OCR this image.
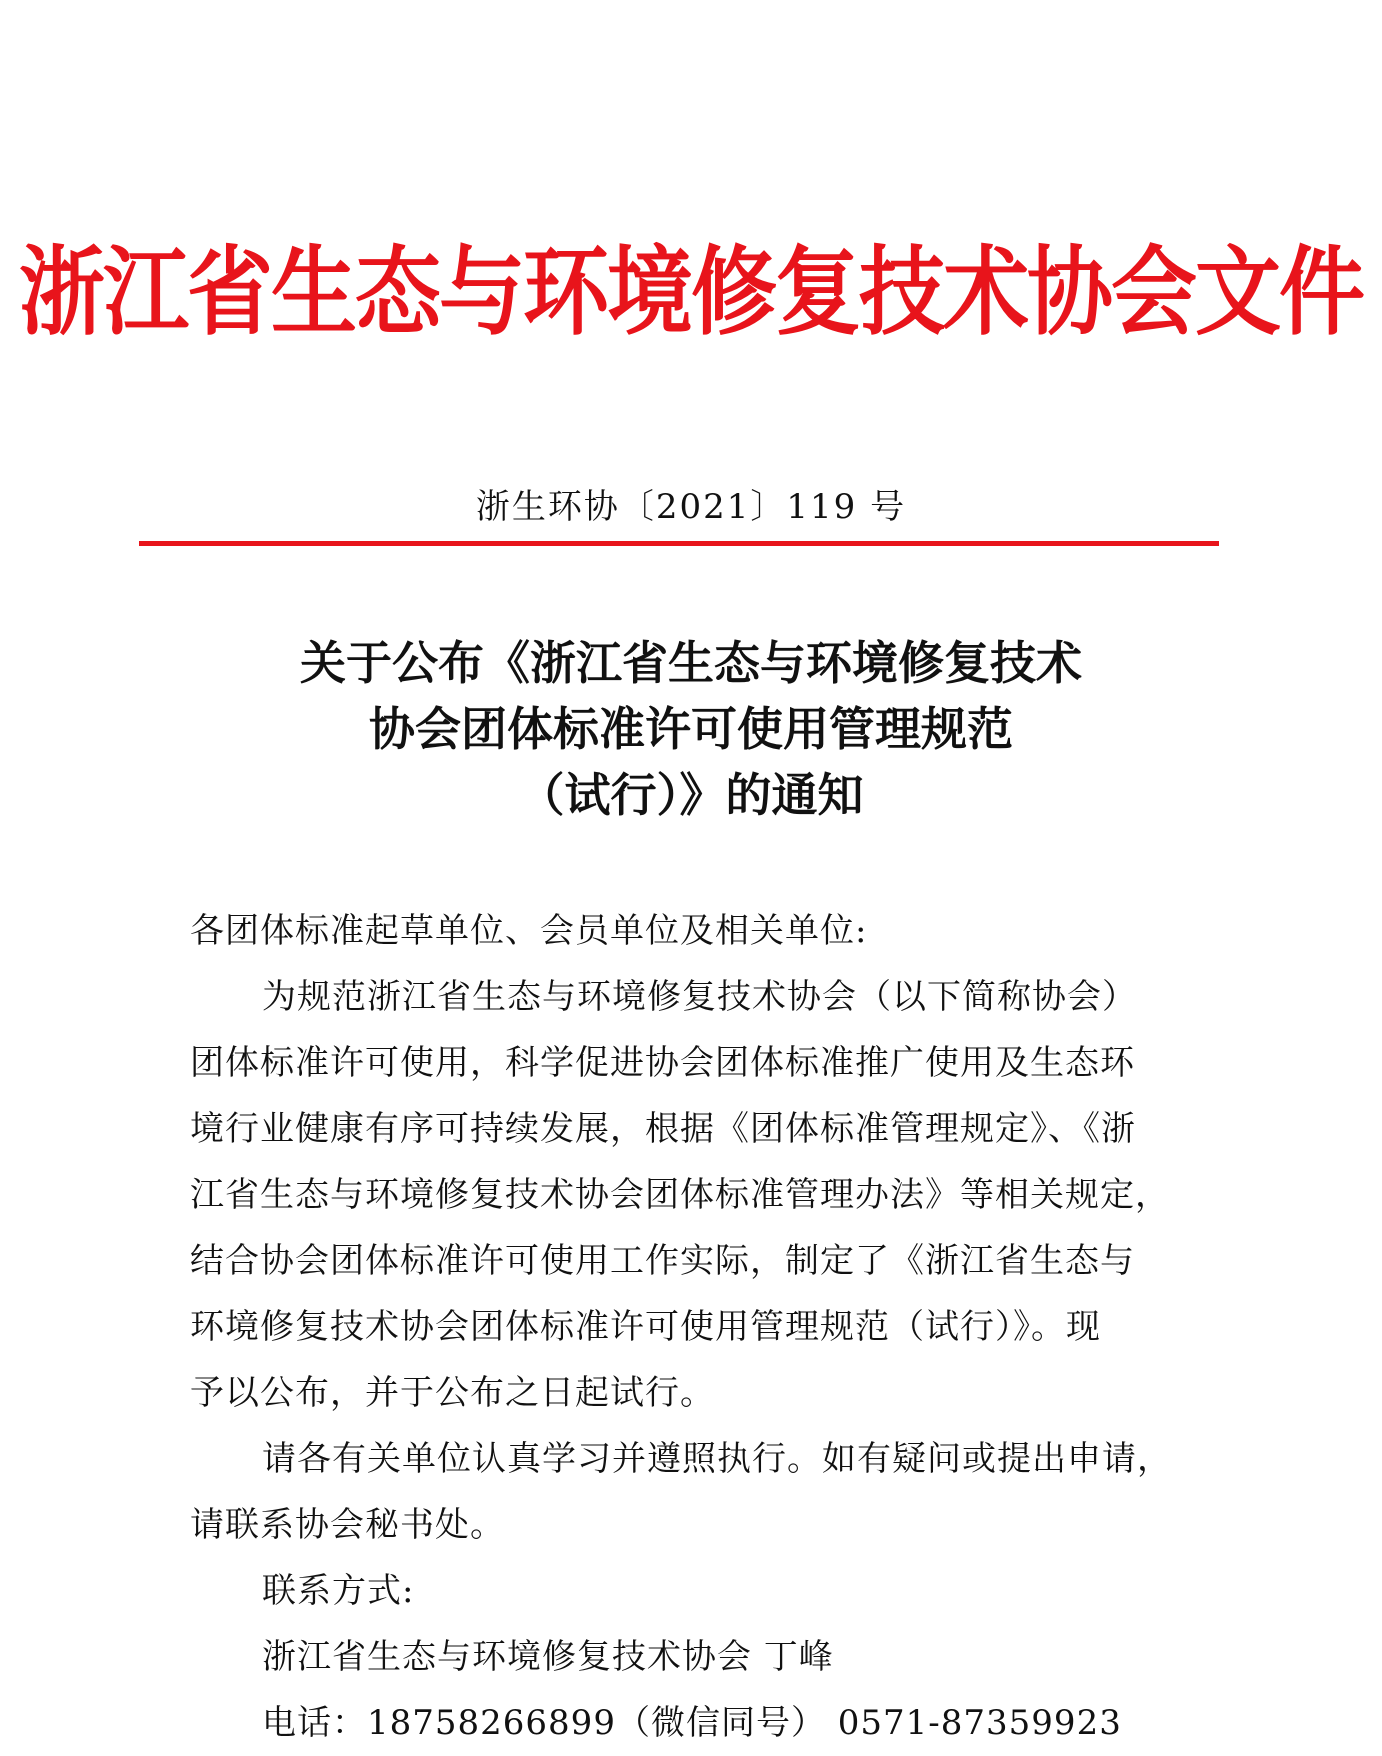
浙江省生态与环境修复技术协会文件
浙生环协〔2021〕119 号
关于公布《浙江省生态与环境修复技术
协会团体标准许可使用管理规范
（试行）》的通知
各团体标准起草单位、会员单位及相关单位:
为规范浙江省生态与环境修复技术协会（以下简称协会）
团体标准许可使用，科学促进协会团体标准推广使用及生态环
境行业健康有序可持续发展，根据《团体标准管理规定》、《浙
江省生态与环境修复技术协会团体标准管理办法》等相关规定，
结合协会团体标准许可使用工作实际，制定了《浙江省生态与
环境修复技术协会团体标准许可使用管理规范（试行）》。现
予以公布，并于公布之日起试行。
请各有关单位认真学习并遵照执行。如有疑问或提出申请，
请联系协会秘书处。
联系方式:
浙江省生态与环境修复技术协会 丁峰
电话：18758266899（微信同号） 0571-87359923
